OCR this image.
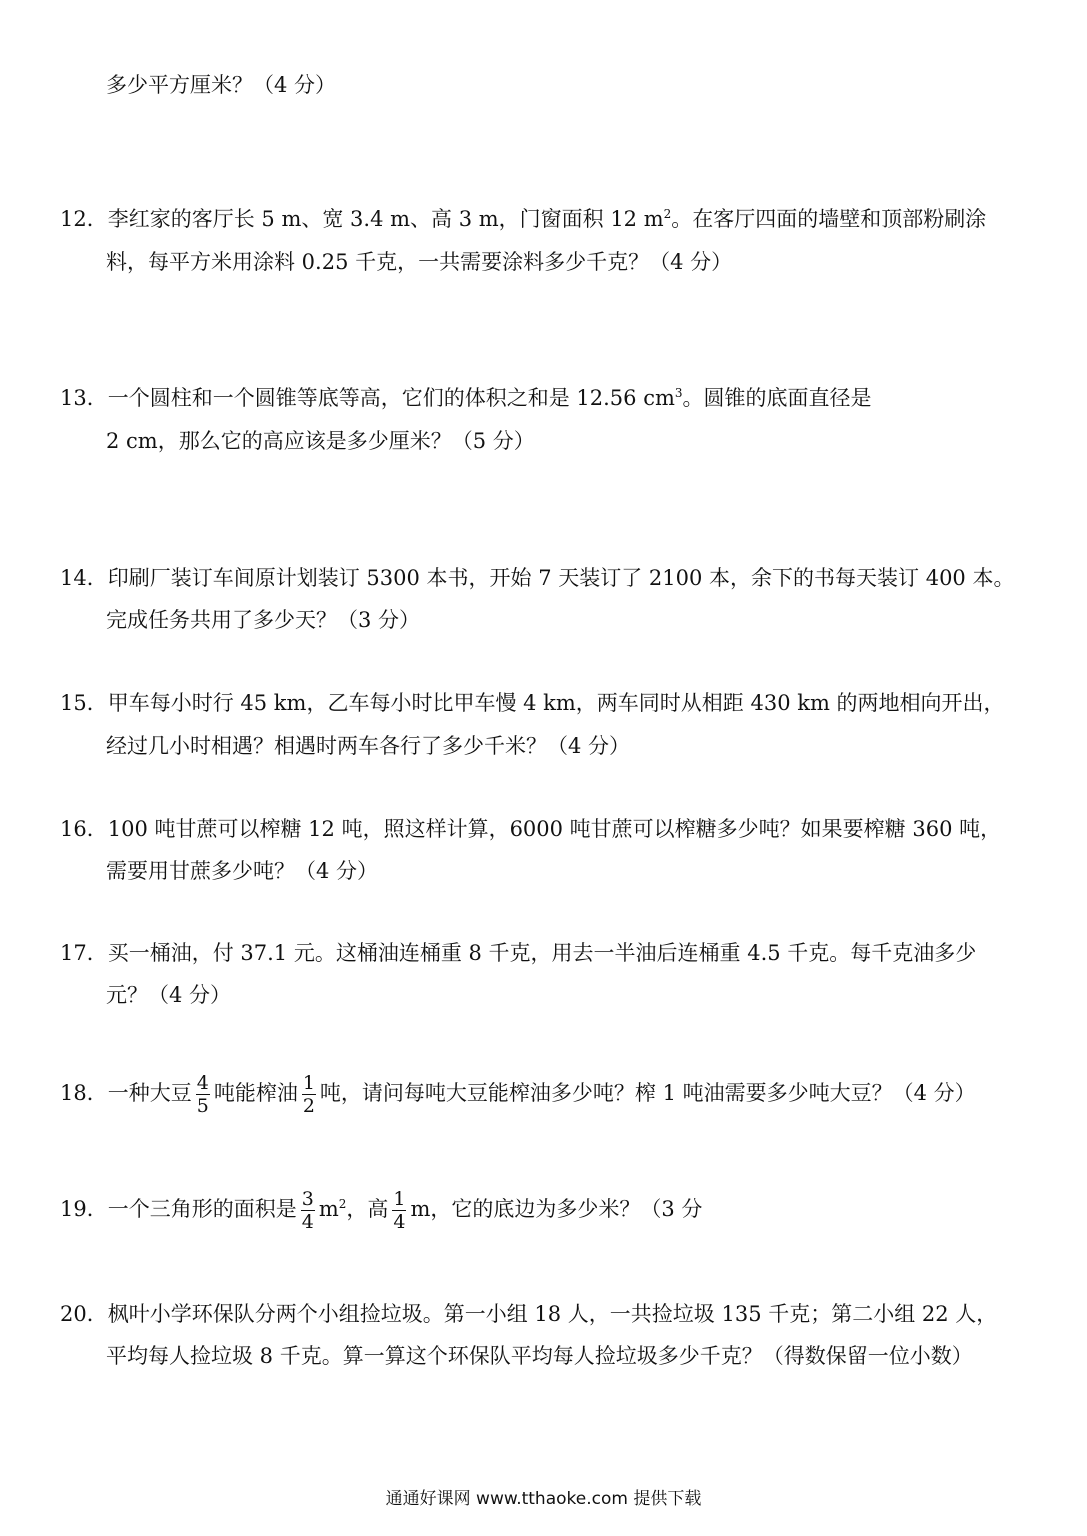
多少平方厘米？（4 分）
12．李红家的客厅长 5 m、宽 3.4 m、高 3 m，门窗面积 12 $m^2$。在客厅四面的墙壁和顶部粉刷涂
料，每平方米用涂料 0.25 千克，一共需要涂料多少千克？（4 分）
13．一个圆柱和一个圆锥等底等高，它们的体积之和是 12.56 $cm^3$。圆锥的底面直径是
2 cm，那么它的高应该是多少厘米？（5 分）
14．印刷厂装订车间原计划装订 5300 本书，开始 7 天装订了 2100 本，余下的书每天装订 400 本。
完成任务共用了多少天？（3 分）
15．甲车每小时行 45 km，乙车每小时比甲车慢 4 km，两车同时从相距 430 km 的两地相向开出，
经过几小时相遇？相遇时两车各行了多少千米？（4 分）
16．100 吨甘蔗可以榨糖 12 吨，照这样计算，6000 吨甘蔗可以榨糖多少吨？如果要榨糖 360 吨，
需要用甘蔗多少吨？（4 分）
17．买一桶油，付 37.1 元。这桶油连桶重 8 千克，用去一半油后连桶重 4.5 千克。每千克油多少
元？（4 分）
18．一种大豆 $\frac{4}{5}$ 吨能榨油 $\frac{1}{2}$ 吨，请问每吨大豆能榨油多少吨？榨 1 吨油需要多少吨大豆？（4 分）
19．一个三角形的面积是 $\frac{3}{4} m^2$，高 $\frac{1}{4}$ m，它的底边为多少米？（3 分
20．枫叶小学环保队分两个小组捡垃圾。第一小组 18 人，一共捡垃圾 135 千克；第二小组 22 人，
平均每人捡垃圾 8 千克。算一算这个环保队平均每人捡垃圾多少千克？（得数保留一位小数）
通通好课网 www.tthaoke.com 提供下载
